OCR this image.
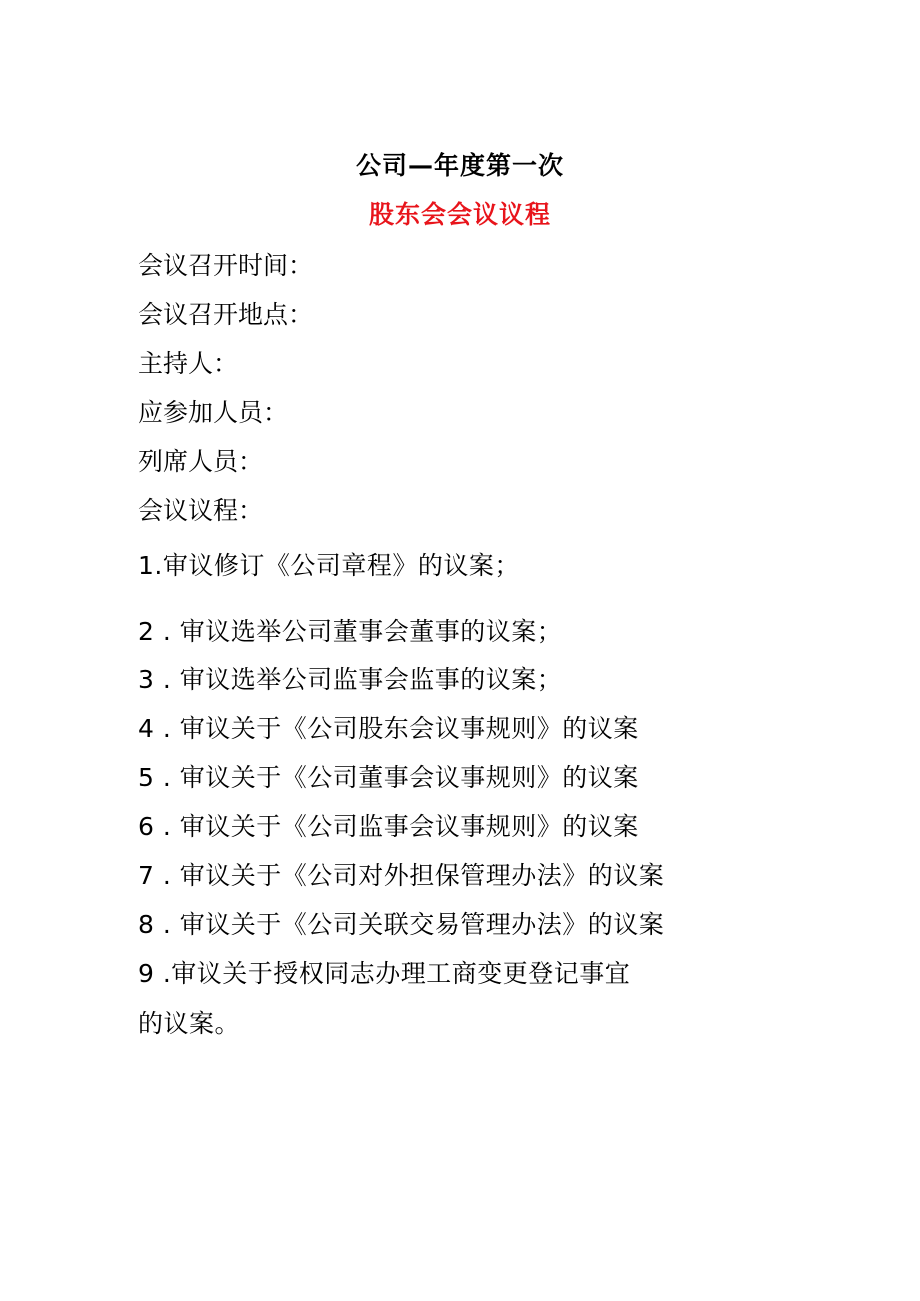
公司—年度第一次
股东会会议议程
会议召开时间：
会议召开地点：
主持人：
应参加人员：
列席人员：
会议议程：
1.审议修订《公司章程》的议案；
2 . 审议选举公司董事会董事的议案；
3 . 审议选举公司监事会监事的议案；
4 . 审议关于《公司股东会议事规则》的议案
5 . 审议关于《公司董事会议事规则》的议案
6 . 审议关于《公司监事会议事规则》的议案
7 . 审议关于《公司对外担保管理办法》的议案
8 . 审议关于《公司关联交易管理办法》的议案
9 .审议关于授权同志办理工商变更登记事宜
的议案。
